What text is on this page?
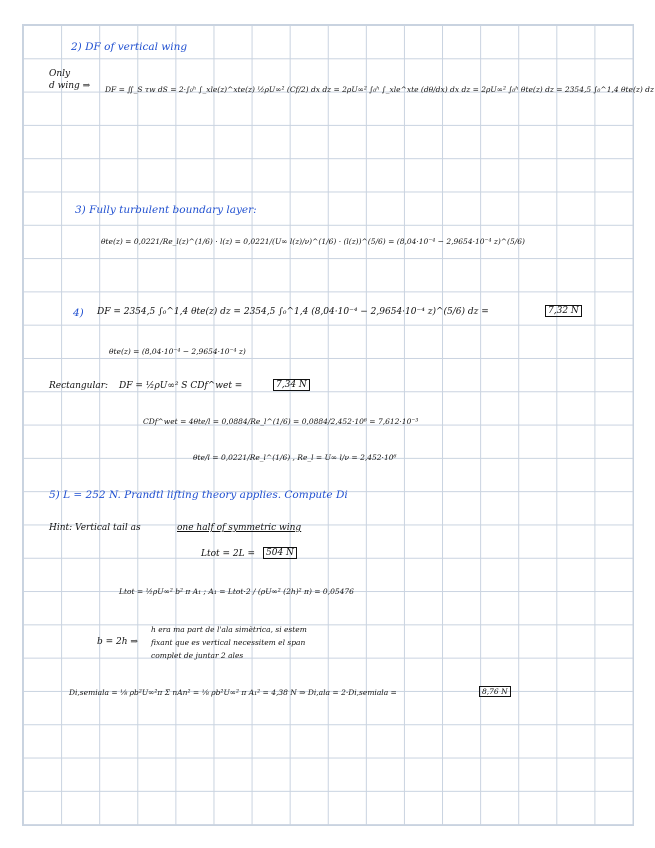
2) DF of vertical wing
Only
d wing ⇒ DF = ∬_S τw dS = 2·∫₀ʰ ∫_xle(z)^xte(z) ½ρU∞² (Cf/2) dx dz = 2ρU∞² ∫₀ʰ ∫_xle^xte (dθ/dx) dx dz = 2ρU∞² ∫₀ʰ θte(z) dz = 2354,5 ∫₀^1,4 θte(z) dz
3) Fully turbulent boundary layer:
θte(z) = 0,0221/Re_l(z)^(1/6) · l(z) = 0,0221/(U∞ l(z)/ν)^(1/6) · (l(z))^(5/6) = (8,04·10⁻⁴ − 2,9654·10⁻⁴ z)^(5/6)
4) DF = 2354,5 ∫₀^1,4 θte(z) dz = 2354,5 ∫₀^1,4 (8,04·10⁻⁴ − 2,9654·10⁻⁴ z)^(5/6) dz =	7,32 N
θte(z) = (8,04·10⁻⁴ − 2,9654·10⁻⁴ z)
Rectangular: DF = ½ρU∞² S CDf^wet =	7,34 N
CDf^wet = 4θte/l = 0,0884/Re_l^(1/6) = 0,0884/2,452·10⁶ = 7,612·10⁻³
θte/l = 0,0221/Re_l^(1/6) , Re_l = U∞ l/ν = 2,452·10⁶
5) L = 252 N. Prandtl lifting theory applies. Compute Di
Hint: Vertical tail as	one half of symmetric wing
Ltot = 2L =	504 N
Ltot = ½ρU∞² b² π A₁ ; A₁ = Ltot·2 / (ρU∞² (2h)² π) = 0,05476
b = 2h ⇒
h era ma part de l'ala simètrica, si estem
fixant que es vertical necessitem el span
complet de juntar 2 ales
Di,semiala = ⅛ ρb²U∞²π Σ nAn² = ⅛ ρb²U∞² π A₁² = 4,38 N ⇒ Di,ala = 2·Di,semiala =	8,76 N
